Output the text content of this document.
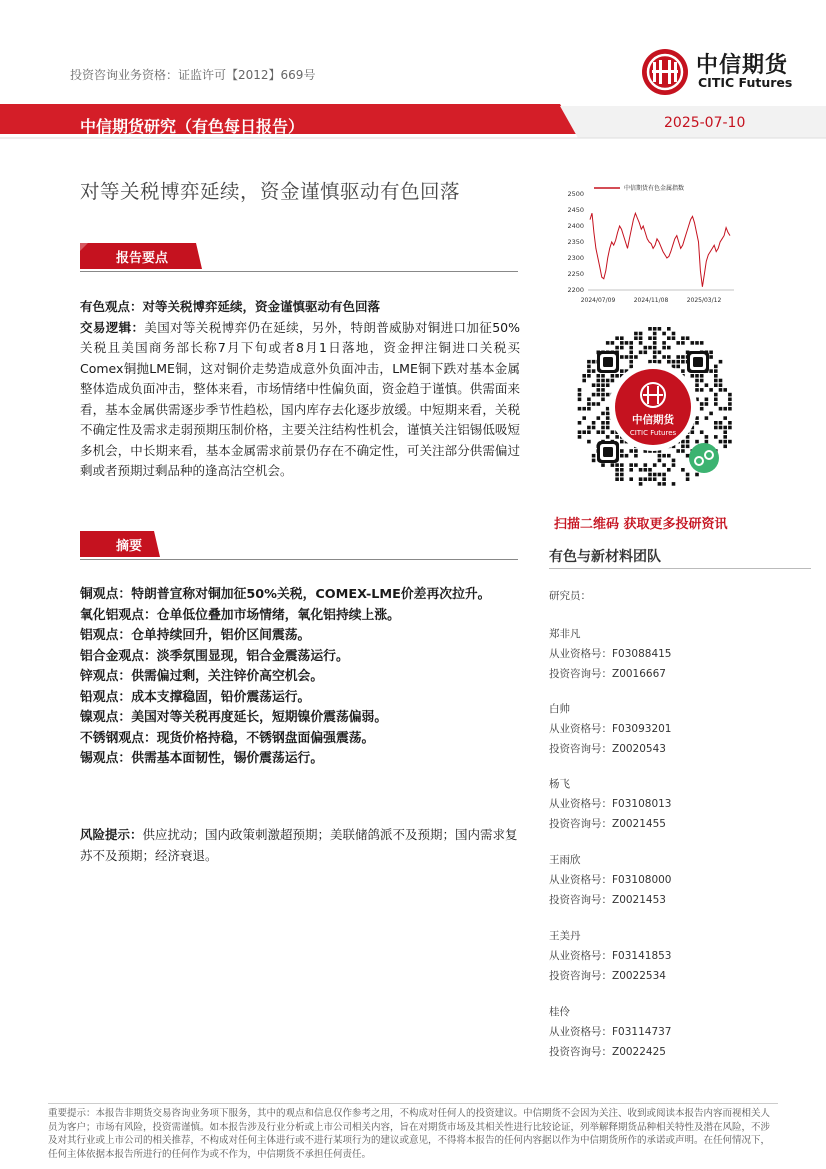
投资咨询业务资格：证监许可【2012】669号	中信期货
CITIC Futures
中信期货研究（有色每日报告）	2025-07-10
对等关税博弈延续，资金谨慎驱动有色回落
报告要点
有色观点：对等关税博弈延续，资金谨慎驱动有色回落
交易逻辑：美国对等关税博弈仍在延续，另外，特朗普威胁对铜进口加征50%关税且美国商务部长称7月下旬或者8月1日落地，资金押注铜进口关税买Comex铜抛LME铜，这对铜价走势造成意外负面冲击，LME铜下跌对基本金属整体造成负面冲击，整体来看，市场情绪中性偏负面，资金趋于谨慎。供需面来看，基本金属供需逐步季节性趋松，国内库存去化逐步放缓。中短期来看，关税不确定性及需求走弱预期压制价格，主要关注结构性机会，谨慎关注铝锡低吸短多机会，中长期来看，基本金属需求前景仍存在不确定性，可关注部分供需偏过剩或者预期过剩品种的逢高沽空机会。
摘要
铜观点：特朗普宣称对铜加征50%关税，COMEX-LME价差再次拉升。
氧化铝观点：仓单低位叠加市场情绪，氧化铝持续上涨。
铝观点：仓单持续回升，铝价区间震荡。
铝合金观点：淡季氛围显现，铝合金震荡运行。
锌观点：供需偏过剩，关注锌价高空机会。
铅观点：成本支撑稳固，铅价震荡运行。
镍观点：美国对等关税再度延长，短期镍价震荡偏弱。
不锈钢观点：现货价格持稳，不锈钢盘面偏强震荡。
锡观点：供需基本面韧性，锡价震荡运行。
风险提示：供应扰动；国内政策刺激超预期；美联储鸽派不及预期；国内需求复苏不及预期；经济衰退。
中信期货有色金属指数
2200
2250
2300
2350
2400
2450
2500
2024/07/09	2024/11/08	2025/03/12
中信期货
CITIC Futures
扫描二维码 获取更多投研资讯
有色与新材料团队
研究员：
郑非凡
从业资格号：F03088415
投资咨询号：Z0016667
白帅
从业资格号：F03093201
投资咨询号：Z0020543
杨飞
从业资格号：F03108013
投资咨询号：Z0021455
王雨欣
从业资格号：F03108000
投资咨询号：Z0021453
王美丹
从业资格号：F03141853
投资咨询号：Z0022534
桂伶
从业资格号：F03114737
投资咨询号：Z0022425
重要提示：本报告非期货交易咨询业务项下服务，其中的观点和信息仅作参考之用，不构成对任何人的投资建议。中信期货不会因为关注、收到或阅读本报告内容而视相关人员为客户；市场有风险，投资需谨慎。如本报告涉及行业分析或上市公司相关内容，旨在对期货市场及其相关性进行比较论证，列举解释期货品种相关特性及潜在风险，不涉及对其行业或上市公司的相关推荐，不构成对任何主体进行或不进行某项行为的建议或意见，不得将本报告的任何内容据以作为中信期货所作的承诺或声明。在任何情况下，任何主体依据本报告所进行的任何作为或不作为，中信期货不承担任何责任。
